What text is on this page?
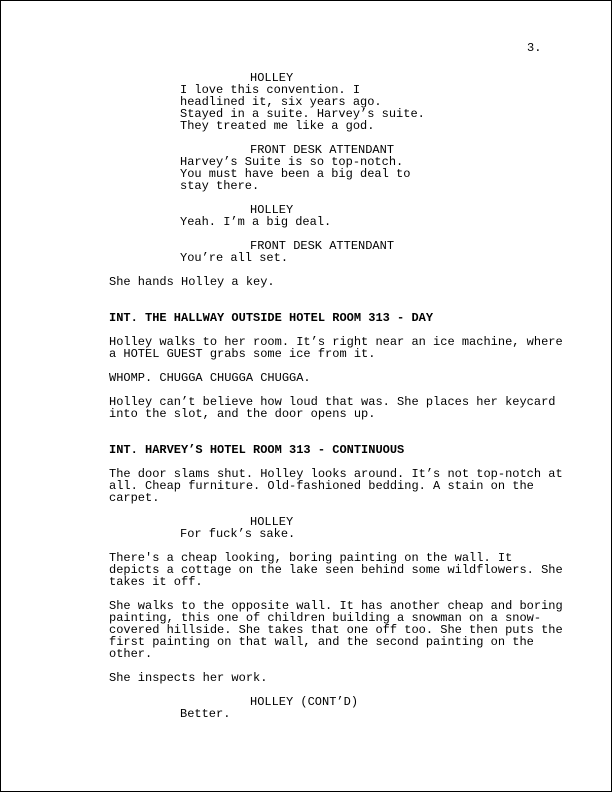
3.
HOLLEY
I love this convention. I
headlined it, six years ago.
Stayed in a suite. Harvey’s suite.
They treated me like a god.
FRONT DESK ATTENDANT
Harvey’s Suite is so top-notch.
You must have been a big deal to
stay there.
HOLLEY
Yeah. I’m a big deal.
FRONT DESK ATTENDANT
You’re all set.
She hands Holley a key.
INT. THE HALLWAY OUTSIDE HOTEL ROOM 313 - DAY
Holley walks to her room. It’s right near an ice machine, where
a HOTEL GUEST grabs some ice from it.
WHOMP. CHUGGA CHUGGA CHUGGA.
Holley can’t believe how loud that was. She places her keycard
into the slot, and the door opens up.
INT. HARVEY’S HOTEL ROOM 313 - CONTINUOUS
The door slams shut. Holley looks around. It’s not top-notch at
all. Cheap furniture. Old-fashioned bedding. A stain on the
carpet.
HOLLEY
For fuck’s sake.
There's a cheap looking, boring painting on the wall. It
depicts a cottage on the lake seen behind some wildflowers. She
takes it off.
She walks to the opposite wall. It has another cheap and boring
painting, this one of children building a snowman on a snow-
covered hillside. She takes that one off too. She then puts the
first painting on that wall, and the second painting on the
other.
She inspects her work.
HOLLEY (CONT’D)
Better.
